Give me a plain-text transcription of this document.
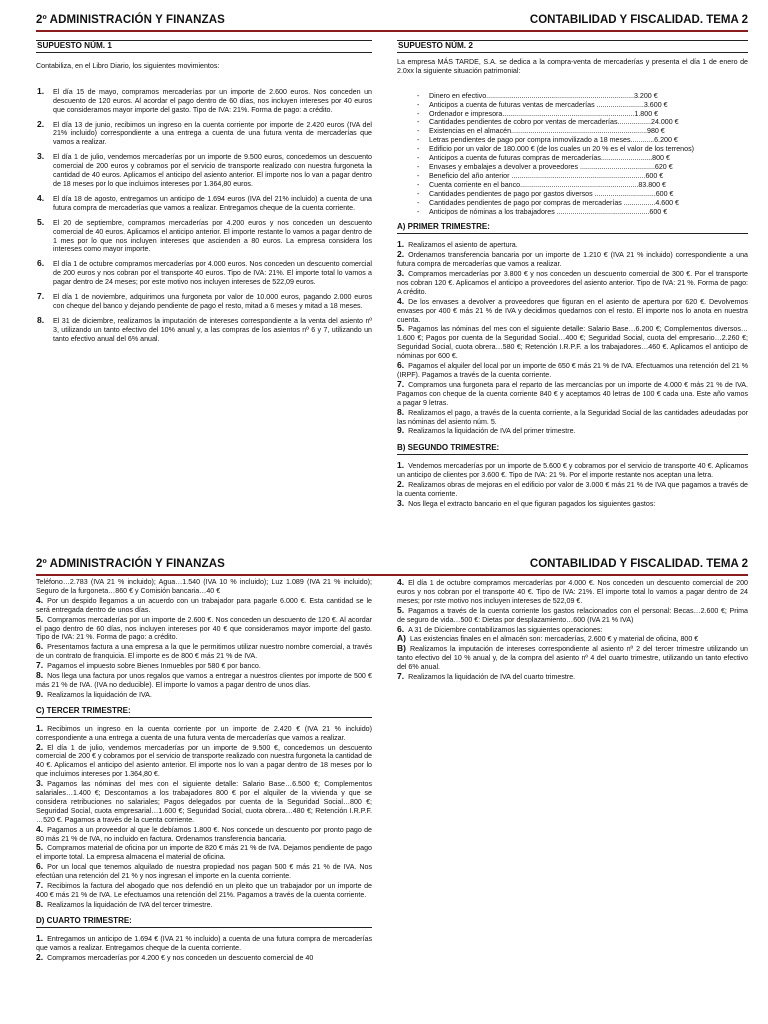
2º ADMINISTRACIÓN Y FINANZAS	CONTABILIDAD Y FISCALIDAD. TEMA 2
SUPUESTO NÚM. 1

Contabiliza, en el Libro Diario, los siguientes movimientos:

1. El día 15 de mayo, compramos mercaderías por un importe de 2.600 euros. Nos conceden un descuento de 120 euros. Al acordar el pago dentro de 60 días, nos incluyen intereses por 40 euros que consideramos mayor importe del gasto. Tipo de IVA: 21%. Forma de pago: a crédito.
2. El día 13 de junio, recibimos un ingreso en la cuenta corriente por importe de 2.420 euros (IVA del 21% incluido) correspondiente a una entrega a cuenta de una futura venta de mercaderías que vamos a realizar.
3. El día 1 de julio, vendemos mercaderías por un importe de 9.500 euros, concedemos un descuento comercial de 200 euros y cobramos por el servicio de transporte realizado con nuestra furgoneta la cantidad de 40 euros. Aplicamos el anticipo del asiento anterior. El importe nos lo van a pagar dentro de 18 meses por lo que incluimos intereses por 1.364,80 euros.
4. El día 18 de agosto, entregamos un anticipo de 1.694 euros (IVA del 21% incluido) a cuenta de una futura compra de mercaderías que vamos a realizar. Entregamos cheque de la cuenta corriente.
5. El 20 de septiembre, compramos mercaderías por 4.200 euros y nos conceden un descuento comercial de 40 euros. Aplicamos el anticipo anterior. El importe restante lo vamos a pagar dentro de 1 mes por lo que nos incluyen intereses que ascienden a 80 euros. La empresa considera los intereses como mayor importe.
6. El día 1 de octubre compramos mercaderías por 4.000 euros. Nos conceden un descuento comercial de 200 euros y nos cobran por el transporte 40 euros. Tipo de IVA: 21%. El importe total lo vamos a pagar dentro de 24 meses; por este motivo nos incluyen intereses de 522,09 euros.
7. El día 1 de noviembre, adquirimos una furgoneta por valor de 10.000 euros, pagando 2.000 euros con cheque del banco y dejando pendiente de pago el resto, mitad a 6 meses y mitad a 18 meses.
8. El 31 de diciembre, realizamos la imputación de intereses correspondiente a la venta del asiento nº 3, utilizando un tanto efectivo del 10% anual y, a las compras de los asientos nº 6 y 7, utilizando un tanto efectivo anual del 6% anual.
SUPUESTO NÚM. 2

La empresa MÁS TARDE, S.A. se dedica a la compra-venta de mercaderías y presenta el día 1 de enero de 2.0xx la siguiente situación patrimonial:

- Dinero en efectivo...........................................................................3.200 €
- Anticipos a cuenta de futuras ventas de mercaderías ........................3.600 €
- Ordenador e impresora...................................................................1.800 €
- Cantidades pendientes de cobro por ventas de mercaderías.................24.000 €
- Existencias en el almacén.....................................................................980 €
- Letras pendientes de pago por compra inmovilizado a 18 meses............6.200 €
- Edificio por un valor de 180.000 € (de los cuales un 20 % es el valor de los terrenos)
- Anticipos a cuenta de futuras compras de mercaderías..........................800 €
- Envases y embalajes a devolver a proveedores ......................................620 €
- Beneficio del año anterior ....................................................................600 €
- Cuenta corriente en el banco............................................................83.800 €
- Cantidades pendientes de pago por gastos diversos ...............................600 €
- Cantidades pendientes de pago por compras de mercaderías ................4.600 €
- Anticipos de nóminas a los trabajadores ...............................................600 €
A) PRIMER TRIMESTRE:
1. Realizamos el asiento de apertura.
2. Ordenamos transferencia bancaria por un importe de 1.210 € (IVA 21 % incluido) correspondiente a una futura compra de mercaderías que vamos a realizar.
3. Compramos mercaderías por 3.800 € y nos conceden un descuento comercial de 300 €. Por el transporte nos cobran 120 €. Aplicamos el anticipo a proveedores del asiento anterior. Tipo de IVA: 21 %. Forma de pago: A crédito.
4. De los envases a devolver a proveedores que figuran en el asiento de apertura por 620 €. Devolvemos envases por 400 € más 21 % de IVA y decidimos quedarnos con el resto. El importe nos lo anota en nuestra cuenta.
5. Pagamos las nóminas del mes con el siguiente detalle: Salario Base…6.200 €; Complementos diversos…1.600 €; Pagos por cuenta de la Seguridad Social…400 €; Seguridad Social, cuota del empresario…2.260 €; Seguridad Social, cuota obrera…580 €; Retención I.R.P.F. a los trabajadores…460 €. Aplicamos el anticipo de nóminas por 600 €.
6. Pagamos el alquiler del local por un importe de 650 € más 21 % de IVA. Efectuamos una retención del 21 % (IRPF). Pagamos a través de la cuenta corriente.
7. Compramos una furgoneta para el reparto de las mercancías por un importe de 4.000 € más 21 % de IVA. Pagamos con cheque de la cuenta corriente 840 € y aceptamos 40 letras de 100 € cada una. Este año vamos a pagar 9 letras.
8. Realizamos el pago, a través de la cuenta corriente, a la Seguridad Social de las cantidades adeudadas por las nóminas del asiento núm. 5.
9. Realizamos la liquidación de IVA del primer trimestre.
B) SEGUNDO TRIMESTRE:
1. Vendemos mercaderías por un importe de 5.600 € y cobramos por el servicio de transporte 40 €. Aplicamos un anticipo de clientes por 3.600 €. Tipo de IVA: 21 %. Por el importe restante nos aceptan una letra.
2. Realizamos obras de mejoras en el edificio por valor de 3.000 € más 21 % de IVA que pagamos a través de la cuenta corriente.
3. Nos llega el extracto bancario en el que figuran pagados los siguientes gastos:
2º ADMINISTRACIÓN Y FINANZAS	CONTABILIDAD Y FISCALIDAD. TEMA 2

Teléfono…2.783 (IVA 21 % incluido); Agua…1.540 (IVA 10 % incluido); Luz 1.089 (IVA 21 % incluido); Seguro de la furgoneta…860 € y Comisión bancaria…40 €

4. Por un despido llegamos a un acuerdo con un trabajador para pagarle 6.000 €. Esta cantidad se le será entregada dentro de unos días.
5. Compramos mercaderías por un importe de 2.600 €. Nos conceden un descuento de 120 €. Al acordar el pago dentro de 60 días, nos incluyen intereses por 40 € que consideramos mayor importe del gasto. Tipo de IVA: 21 %. Forma de pago: a crédito.
6. Presentamos factura a una empresa a la que le permitimos utilizar nuestro nombre comercial, a través de un contrato de franquicia. El importe es de 800 € más 21 % de IVA.
7. Pagamos el impuesto sobre Bienes Inmuebles por 580 € por banco.
8. Nos llega una factura por unos regalos que vamos a entregar a nuestros clientes por importe de 500 € más 21 % de IVA. (IVA no deducible). El importe lo vamos a pagar dentro de unos días.
9. Realizamos la liquidación de IVA.
C) TERCER TRIMESTRE:
1. Recibimos un ingreso en la cuenta corriente por un importe de 2.420 € (IVA 21 % incluido) correspondiente a una entrega a cuenta de una futura venta de mercaderías que vamos a realizar.
2. El día 1 de julio, vendemos mercaderías por un importe de 9.500 €, concedemos un descuento comercial de 200 € y cobramos por el servicio de transporte realizado con nuestra furgoneta la cantidad de 40 €. Aplicamos el anticipo del asiento anterior. El importe nos lo van a pagar dentro de 18 meses por lo que incluimos intereses por 1.364,80 €.
3. Pagamos las nóminas del mes con el siguiente detalle: Salario Base…6.500 €; Complementos salariales…1.400 €; Descontamos a los trabajadores 800 € por el alquiler de la vivienda y que se considera retribuciones no salariales; Pagos delegados por cuenta de la Seguridad Social…800 €; Seguridad Social, cuota empresarial…1.600 €; Seguridad Social, cuota obrera…480 €; Retención I.R.P.F. …520 €. Pagamos a través de la cuenta corriente.
4. Pagamos a un proveedor al que le debíamos 1.800 €. Nos concede un descuento por pronto pago de 80 más 21 % de IVA, no incluido en factura. Ordenamos transferencia bancaria.
5. Compramos material de oficina por un importe de 820 € más 21 % de IVA. Dejamos pendiente de pago el importe total. La empresa almacena el material de oficina.
6. Por un local que tenemos alquilado de nuestra propiedad nos pagan 500 € más 21 % de IVA. Nos efectúan una retención del 21 % y nos ingresan el importe en la cuenta corriente.
7. Recibimos la factura del abogado que nos defendió en un pleito que un trabajador por un importe de 400 € más 21 % de IVA. Le efectuamos una retención del 21%. Pagamos a través de la cuenta corriente.
8. Realizamos la liquidación de IVA del tercer trimestre.
D) CUARTO TRIMESTRE:
1. Entregamos un anticipo de 1.694 € (IVA 21 % incluido) a cuenta de una futura compra de mercaderías que vamos a realizar. Entregamos cheque de la cuenta corriente.
2. Compramos mercaderías por 4.200 € y nos conceden un descuento comercial de 40
4. El día 1 de octubre compramos mercaderías por 4.000 €. Nos conceden un descuento comercial de 200 euros y nos cobran por el transporte 40 €. Tipo de IVA: 21%. El importe total lo vamos a pagar dentro de 24 meses; por rste motivo nos incluyen intereses de 522,09 €.
5. Pagamos a través de la cuenta corriente los gastos relacionados con el personal: Becas…2.600 €; Prima de seguro de vida…500 €: Dietas por desplazamiento…600 (IVA 21 % IVA)
6. A 31 de Diciembre contabilizamos las siguientes operaciones:
A) Las existencias finales en el almacén son: mercaderías, 2.600 € y material de oficina, 800 €
B) Realizamos la imputación de intereses correspondiente al asiento nº 2 del tercer trimestre utilizando un tanto efectivo del 10 % anual y, de la compra del asiento nº 4 del cuarto trimestre, utilizando un tanto efectivo del 6% anual.
7. Realizamos la liquidación de IVA del cuarto trimestre.
